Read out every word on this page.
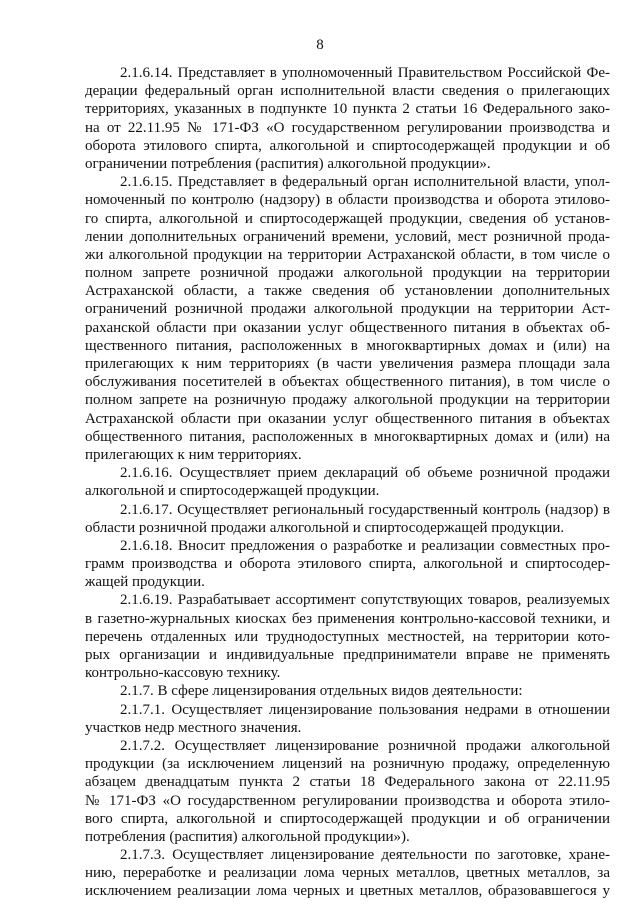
8
2.1.6.14. Представляет в уполномоченный Правительством Российской Фе-
дерации федеральный орган исполнительной власти сведения о прилегающих
территориях, указанных в подпункте 10 пункта 2 статьи 16 Федерального зако-
на от 22.11.95 № 171-ФЗ «О государственном регулировании производства и
оборота этилового спирта, алкогольной и спиртосодержащей продукции и об
ограничении потребления (распития) алкогольной продукции».
2.1.6.15. Представляет в федеральный орган исполнительной власти, упол-
номоченный по контролю (надзору) в области производства и оборота этилово-
го спирта, алкогольной и спиртосодержащей продукции, сведения об установ-
лении дополнительных ограничений времени, условий, мест розничной прода-
жи алкогольной продукции на территории Астраханской области, в том числе о
полном запрете розничной продажи алкогольной продукции на территории
Астраханской области, а также сведения об установлении дополнительных
ограничений розничной продажи алкогольной продукции на территории Аст-
раханской области при оказании услуг общественного питания в объектах об-
щественного питания, расположенных в многоквартирных домах и (или) на
прилегающих к ним территориях (в части увеличения размера площади зала
обслуживания посетителей в объектах общественного питания), в том числе о
полном запрете на розничную продажу алкогольной продукции на территории
Астраханской области при оказании услуг общественного питания в объектах
общественного питания, расположенных в многоквартирных домах и (или) на
прилегающих к ним территориях.
2.1.6.16. Осуществляет прием деклараций об объеме розничной продажи
алкогольной и спиртосодержащей продукции.
2.1.6.17. Осуществляет региональный государственный контроль (надзор) в
области розничной продажи алкогольной и спиртосодержащей продукции.
2.1.6.18. Вносит предложения о разработке и реализации совместных про-
грамм производства и оборота этилового спирта, алкогольной и спиртосодер-
жащей продукции.
2.1.6.19. Разрабатывает ассортимент сопутствующих товаров, реализуемых
в газетно-журнальных киосках без применения контрольно-кассовой техники, и
перечень отдаленных или труднодоступных местностей, на территории кото-
рых организации и индивидуальные предприниматели вправе не применять
контрольно-кассовую технику.
2.1.7. В сфере лицензирования отдельных видов деятельности:
2.1.7.1. Осуществляет лицензирование пользования недрами в отношении
участков недр местного значения.
2.1.7.2. Осуществляет лицензирование розничной продажи алкогольной
продукции (за исключением лицензий на розничную продажу, определенную
абзацем двенадцатым пункта 2 статьи 18 Федерального закона от 22.11.95
№ 171-ФЗ «О государственном регулировании производства и оборота этило-
вого спирта, алкогольной и спиртосодержащей продукции и об ограничении
потребления (распития) алкогольной продукции»).
2.1.7.3. Осуществляет лицензирование деятельности по заготовке, хране-
нию, переработке и реализации лома черных металлов, цветных металлов, за
исключением реализации лома черных и цветных металлов, образовавшегося у
